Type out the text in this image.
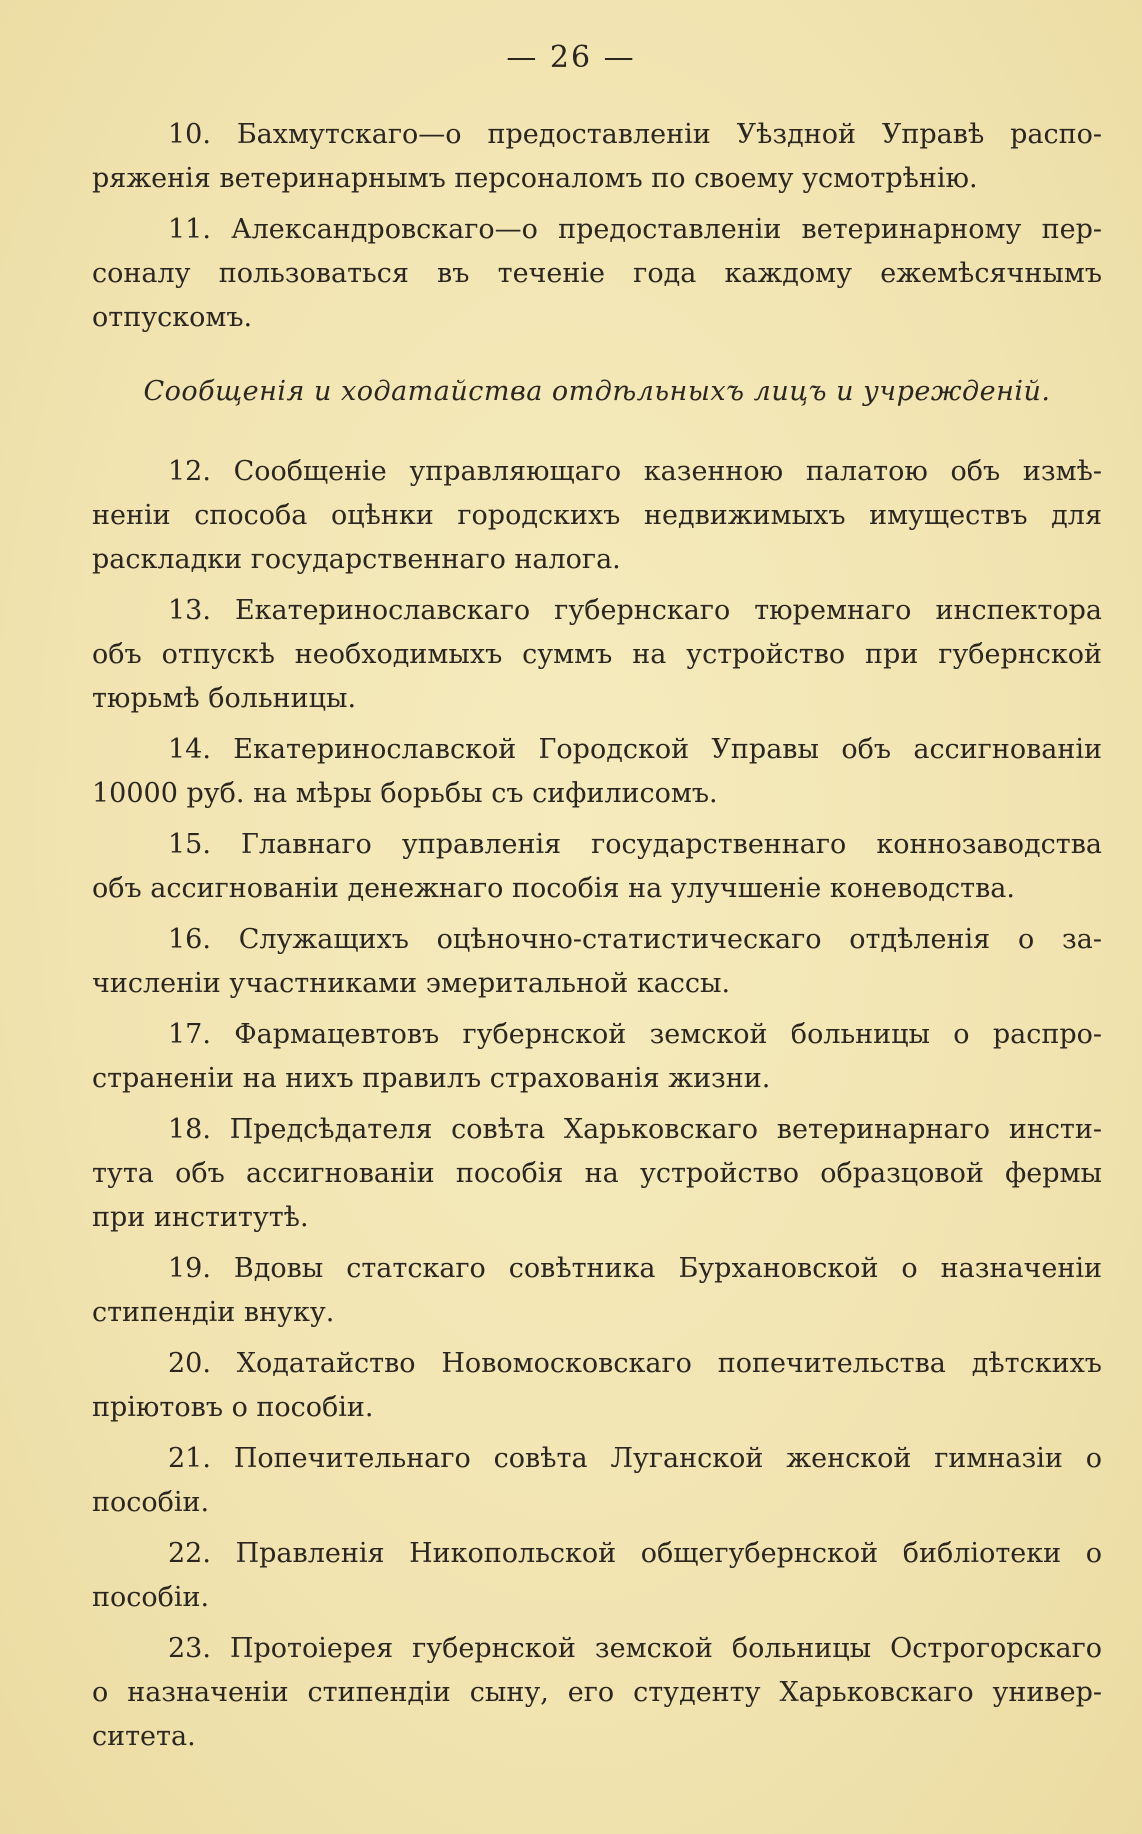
— 26 —
10. Бахмутскаго—о предоставленіи Уѣздной Управѣ распо-
ряженія ветеринарнымъ персоналомъ по своему усмотрѣнію.
11. Александровскаго—о предоставленіи ветеринарному пер-
соналу пользоваться въ теченіе года каждому ежемѣсячнымъ
отпускомъ.
Сообщенія и ходатайства отдѣльныхъ лицъ и учрежденій.
12. Сообщеніе управляющаго казенною палатою объ измѣ-
неніи способа оцѣнки городскихъ недвижимыхъ имуществъ для
раскладки государственнаго налога.
13. Екатеринославскаго губернскаго тюремнаго инспектора
объ отпускѣ необходимыхъ суммъ на устройство при губернской
тюрьмѣ больницы.
14. Екатеринославской Городской Управы объ ассигнованіи
10000 руб. на мѣры борьбы съ сифилисомъ.
15. Главнаго управленія государственнаго коннозаводства
объ ассигнованіи денежнаго пособія на улучшеніе коневодства.
16. Служащихъ оцѣночно-статистическаго отдѣленія о за-
численіи участниками эмеритальной кассы.
17. Фармацевтовъ губернской земской больницы о распро-
страненіи на нихъ правилъ страхованія жизни.
18. Предсѣдателя совѣта Харьковскаго ветеринарнаго инсти-
тута объ ассигнованіи пособія на устройство образцовой фермы
при институтѣ.
19. Вдовы статскаго совѣтника Бурхановской о назначеніи
стипендіи внуку.
20. Ходатайство Новомосковскаго попечительства дѣтскихъ
пріютовъ о пособіи.
21. Попечительнаго совѣта Луганской женской гимназіи о
пособіи.
22. Правленія Никопольской общегубернской библіотеки о
пособіи.
23. Протоіерея губернской земской больницы Острогорскаго
о назначеніи стипендіи сыну, его студенту Харьковскаго универ-
ситета.
